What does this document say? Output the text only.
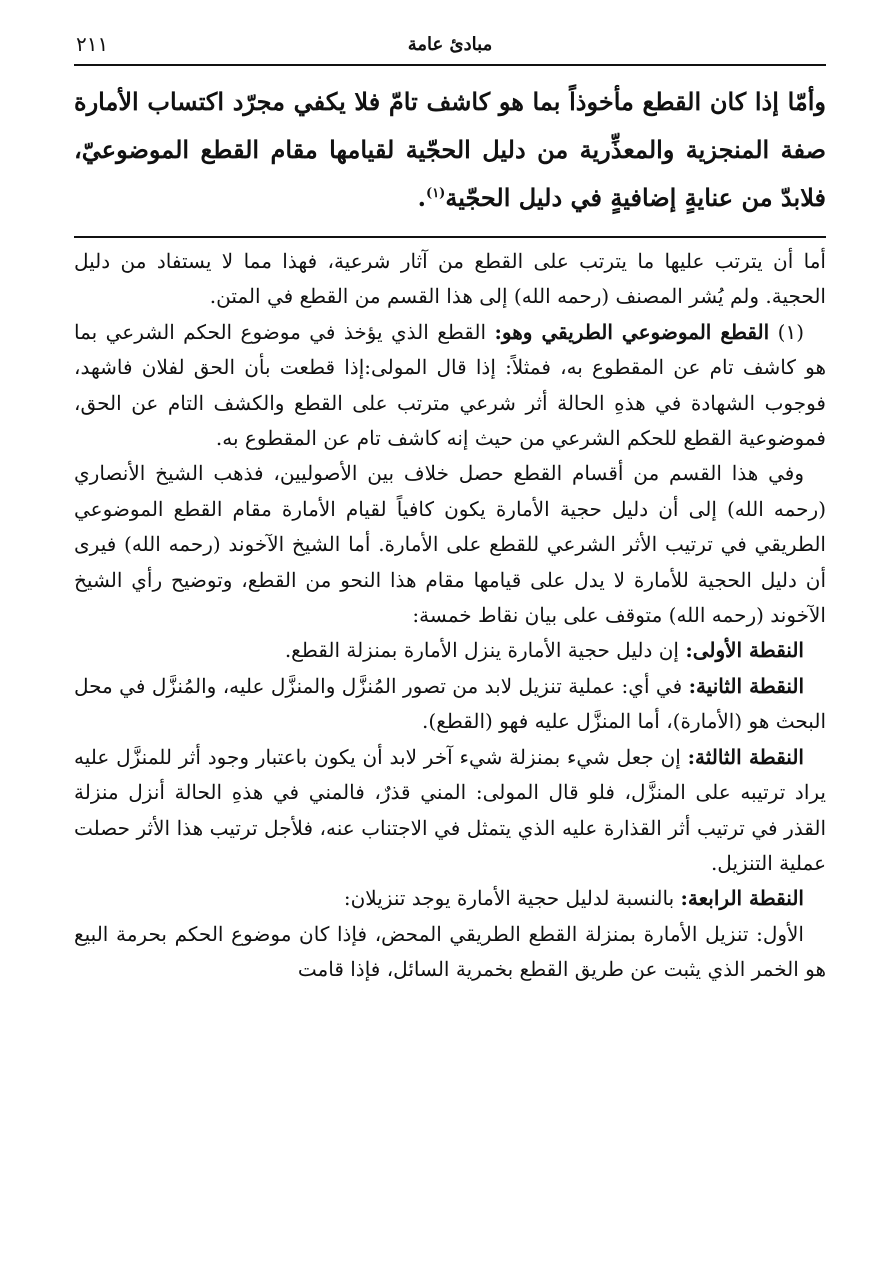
مبادئ عامة
٢١١
وأمّا إذا كان القطع مأخوذاً بما هو كاشف تامّ فلا يكفي مجرّد اكتساب الأمارة صفة المنجزية والمعذِّرية من دليل الحجّية لقيامها مقام القطع الموضوعيّ، فلابدّ من عنايةٍ إضافيةٍ في دليل الحجّية$^{(١)}$.

أما أن يترتب عليها ما يترتب على القطع من آثار شرعية، فهذا مما لا يستفاد من دليل الحجية. ولم يُشر المصنف (رحمه الله) إلى هذا القسم من القطع في المتن.

(١) القطع الموضوعي الطريقي وهو: القطع الذي يؤخذ في موضوع الحكم الشرعي بما هو كاشف تام عن المقطوع به، فمثلاً: إذا قال المولى:إذا قطعت بأن الحق لفلان فاشهد، فوجوب الشهادة في هذهِ الحالة أثر شرعي مترتب على القطع والكشف التام عن الحق، فموضوعية القطع للحكم الشرعي من حيث إنه كاشف تام عن المقطوع به.

وفي هذا القسم من أقسام القطع حصل خلاف بين الأصوليين، فذهب الشيخ الأنصاري (رحمه الله) إلى أن دليل حجية الأمارة يكون كافياً لقيام الأمارة مقام القطع الموضوعي الطريقي في ترتيب الأثر الشرعي للقطع على الأمارة. أما الشيخ الآخوند (رحمه الله) فيرى أن دليل الحجية للأمارة لا يدل على قيامها مقام هذا النحو من القطع، وتوضيح رأي الشيخ الآخوند (رحمه الله) متوقف على بيان نقاط خمسة:

النقطة الأولى: إن دليل حجية الأمارة ينزل الأمارة بمنزلة القطع.

النقطة الثانية: في أي: عملية تنزيل لابد من تصور المُنزَّل والمنزَّل عليه، والمُنزَّل في محل البحث هو (الأمارة)، أما المنزَّل عليه فهو (القطع).

النقطة الثالثة: إن جعل شيء بمنزلة شيء آخر لابد أن يكون باعتبار وجود أثر للمنزَّل عليه يراد ترتيبه على المنزَّل، فلو قال المولى: المني قذرٌ، فالمني في هذهِ الحالة أنزل منزلة القذر في ترتيب أثر القذارة عليه الذي يتمثل في الاجتناب عنه، فلأجل ترتيب هذا الأثر حصلت عملية التنزيل.

النقطة الرابعة: بالنسبة لدليل حجية الأمارة يوجد تنزيلان:

الأول: تنزيل الأمارة بمنزلة القطع الطريقي المحض، فإذا كان موضوع الحكم بحرمة البيع هو الخمر الذي يثبت عن طريق القطع بخمرية السائل، فإذا قامت
